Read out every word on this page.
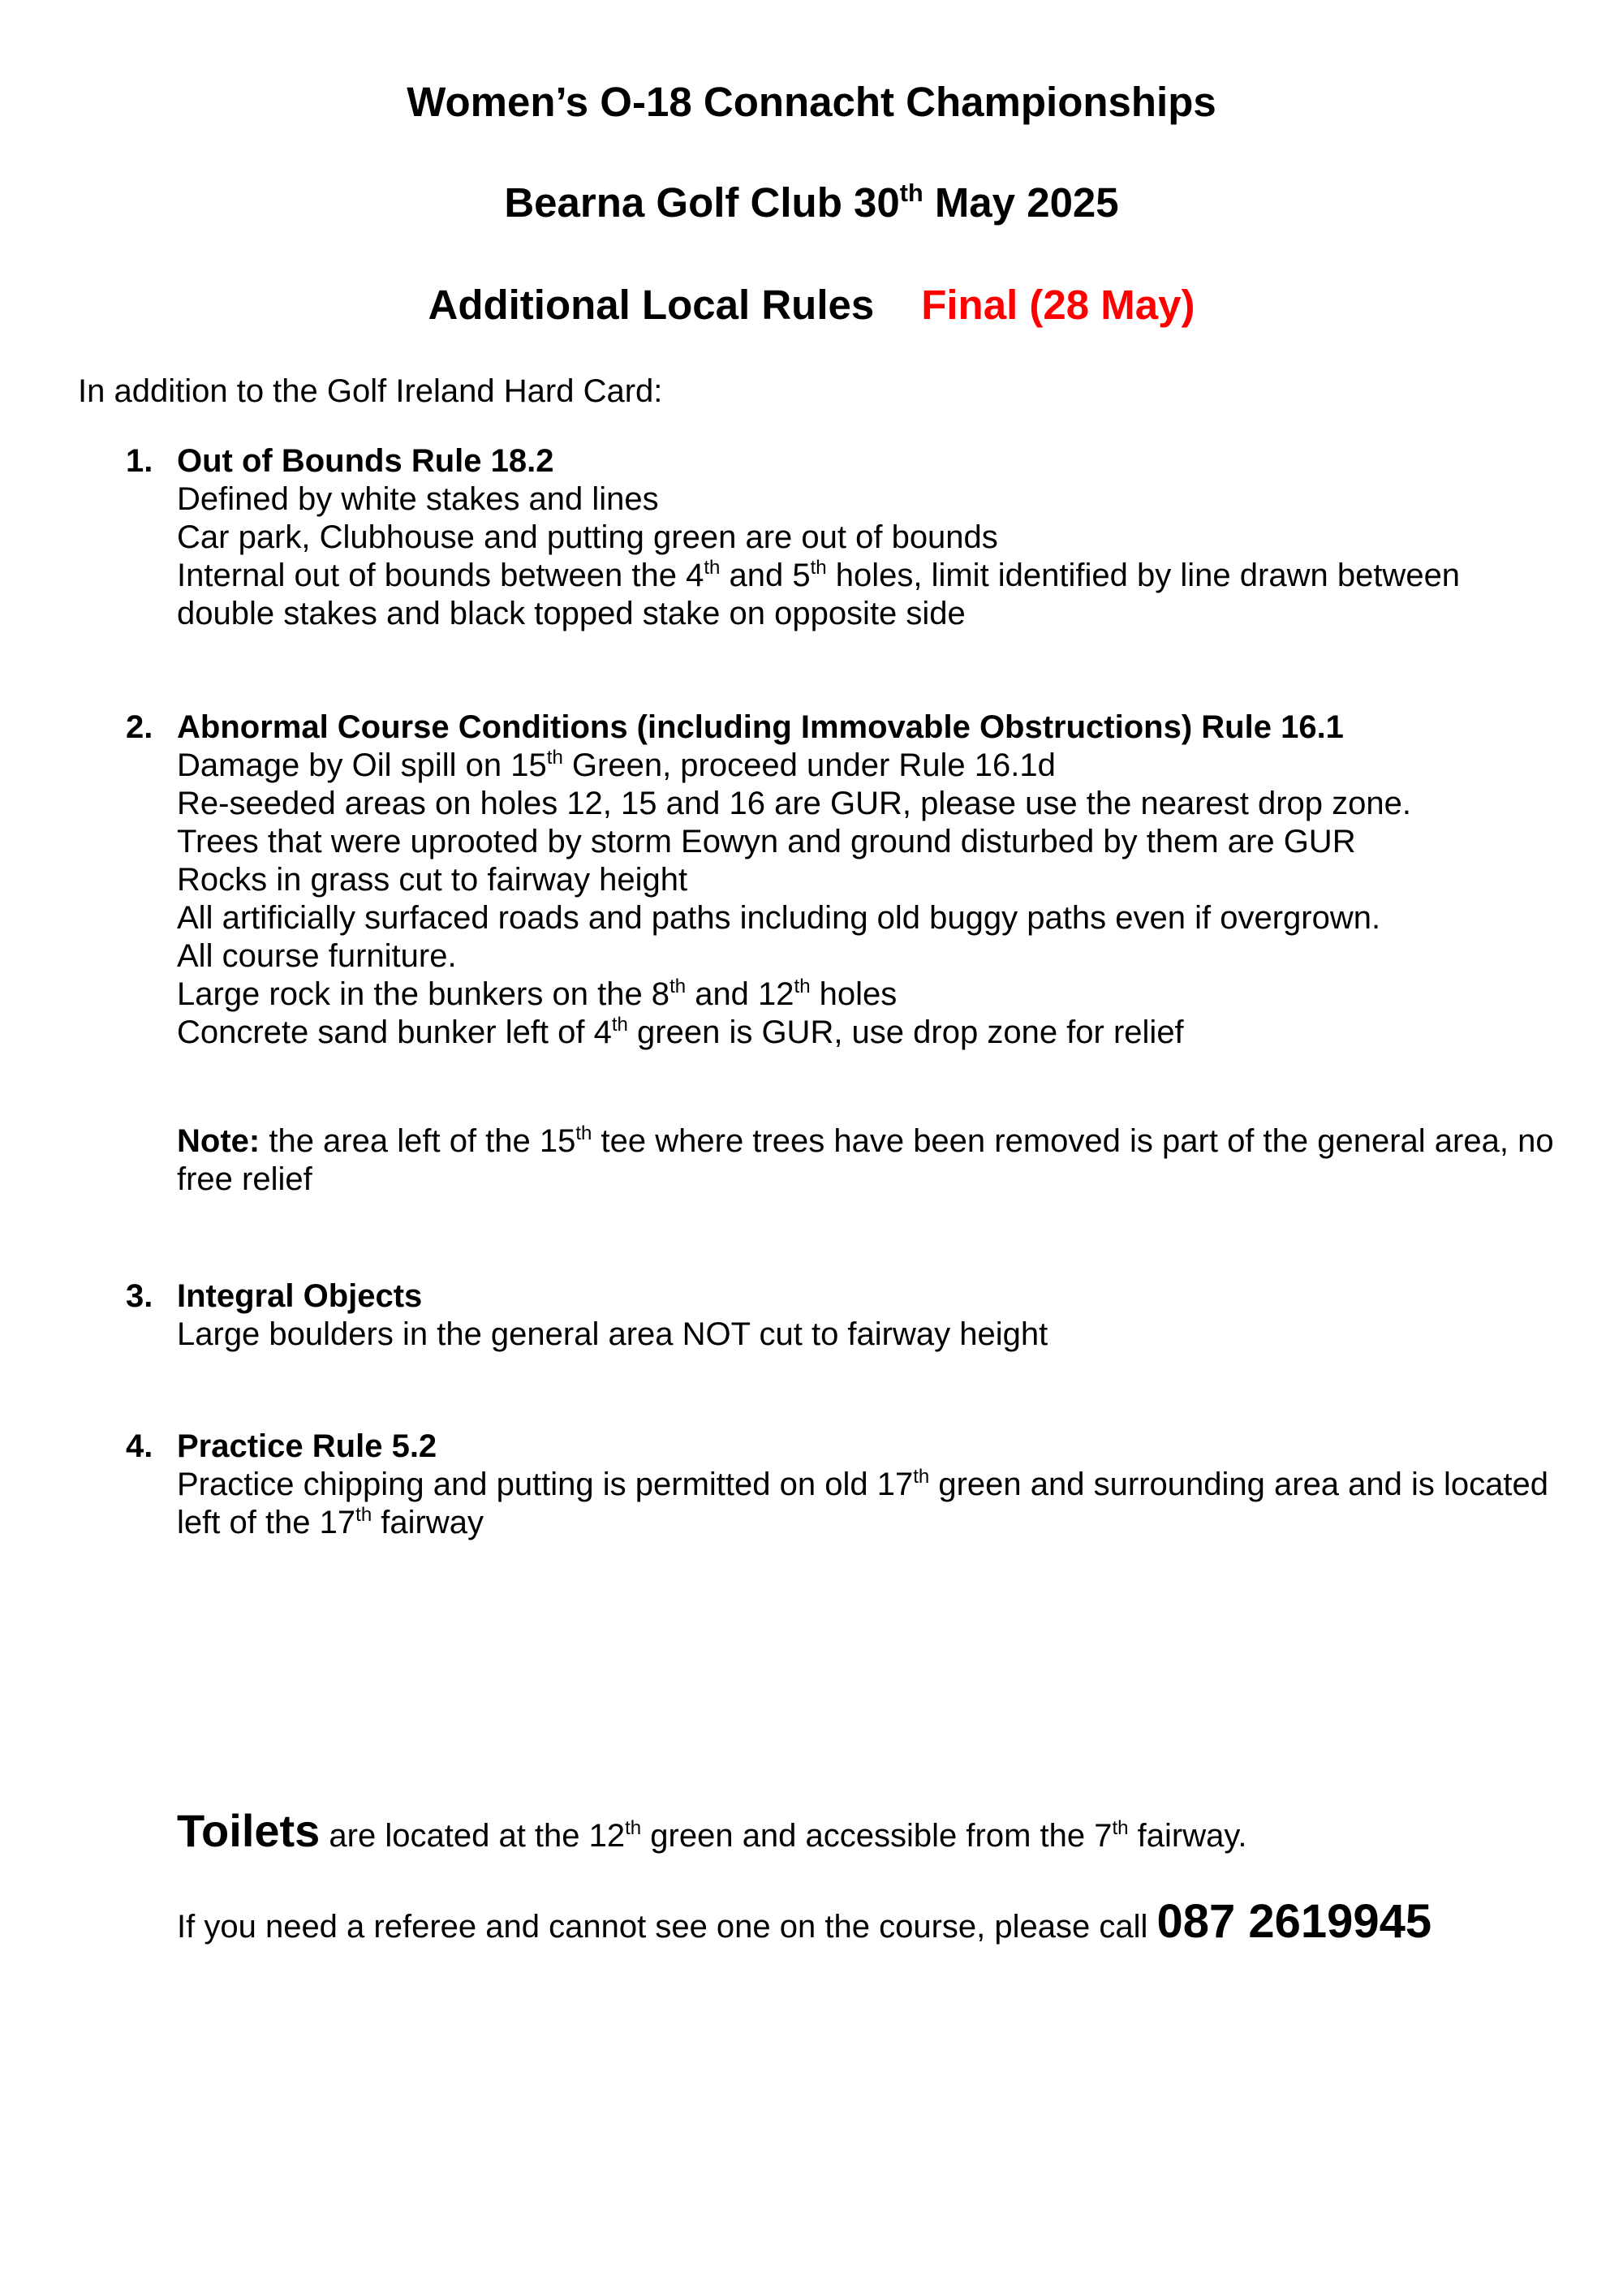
Women’s O-18 Connacht Championships
Bearna Golf Club 30th May 2025
Additional Local Rules Final (28 May)
In addition to the Golf Ireland Hard Card:
1. Out of Bounds Rule 18.2
Defined by white stakes and lines
Car park, Clubhouse and putting green are out of bounds
Internal out of bounds between the 4th and 5th holes, limit identified by line drawn between double stakes and black topped stake on opposite side
2. Abnormal Course Conditions (including Immovable Obstructions) Rule 16.1
Damage by Oil spill on 15th Green, proceed under Rule 16.1d
Re-seeded areas on holes 12, 15 and 16 are GUR, please use the nearest drop zone.
Trees that were uprooted by storm Eowyn and ground disturbed by them are GUR
Rocks in grass cut to fairway height
All artificially surfaced roads and paths including old buggy paths even if overgrown.
All course furniture.
Large rock in the bunkers on the 8th and 12th holes
Concrete sand bunker left of 4th green is GUR, use drop zone for relief
Note: the area left of the 15th tee where trees have been removed is part of the general area, no free relief
3. Integral Objects
Large boulders in the general area NOT cut to fairway height
4. Practice Rule 5.2
Practice chipping and putting is permitted on old 17th green and surrounding area and is located left of the 17th fairway
Toilets are located at the 12th green and accessible from the 7th fairway.
If you need a referee and cannot see one on the course, please call 087 2619945
